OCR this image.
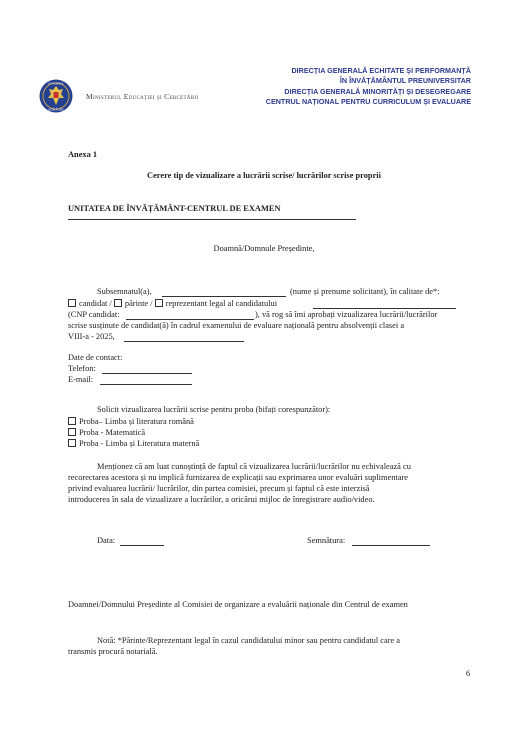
GUVERNUL
ROMÂNIEI
Ministerul Educației și Cercetării
DIRECȚIA GENERALĂ ECHITATE ȘI PERFORMANȚĂ
ÎN ÎNVĂȚĂMÂNTUL PREUNIVERSITAR
DIRECȚIA GENERALĂ MINORITĂȚI ȘI DESEGREGARE
CENTRUL NAȚIONAL PENTRU CURRICULUM ȘI EVALUARE
Anexa 1
Cerere tip de vizualizare a lucrării scrise/ lucrărilor scrise proprii
UNITATEA DE ÎNVĂȚĂMÂNT-CENTRUL DE EXAMEN
Doamnă/Domnule Președinte,
Subsemnatul(a),	(nume și prenume solicitant), în calitate de*:
candidat / părinte / reprezentant legal al candidatului
(CNP candidat:	), vă rog să îmi aprobați vizualizarea lucrării/lucrărilor
scrise susținute de candidat(ă) în cadrul examenului de evaluare națională pentru absolvenții clasei a
VIII-a - 2025,
Date de contact:
Telefon:
E-mail:
Solicit vizualizarea lucrării scrise pentru proba (bifați corespunzător):
Proba– Limba și literatura română
Proba - Matematică
Proba - Limba și Literatura maternă
Menționez că am luat cunoștință de faptul că vizualizarea lucrării/lucrărilor nu echivalează cu
recorectarea acestora și nu implică furnizarea de explicații sau exprimarea unor evaluări suplimentare
privind evaluarea lucrării/ lucrărilor, din partea comisiei, precum și faptul că este interzisă
introducerea în sala de vizualizare a lucrărilor, a oricărui mijloc de înregistrare audio/video.
Data:	Semnătura:
Doamnei/Domnului Președinte al Comisiei de organizare a evaluării naționale din Centrul de examen
Notă: *Părinte/Reprezentant legal în cazul candidatului minor sau pentru candidatul care a
transmis procură notarială.
6
